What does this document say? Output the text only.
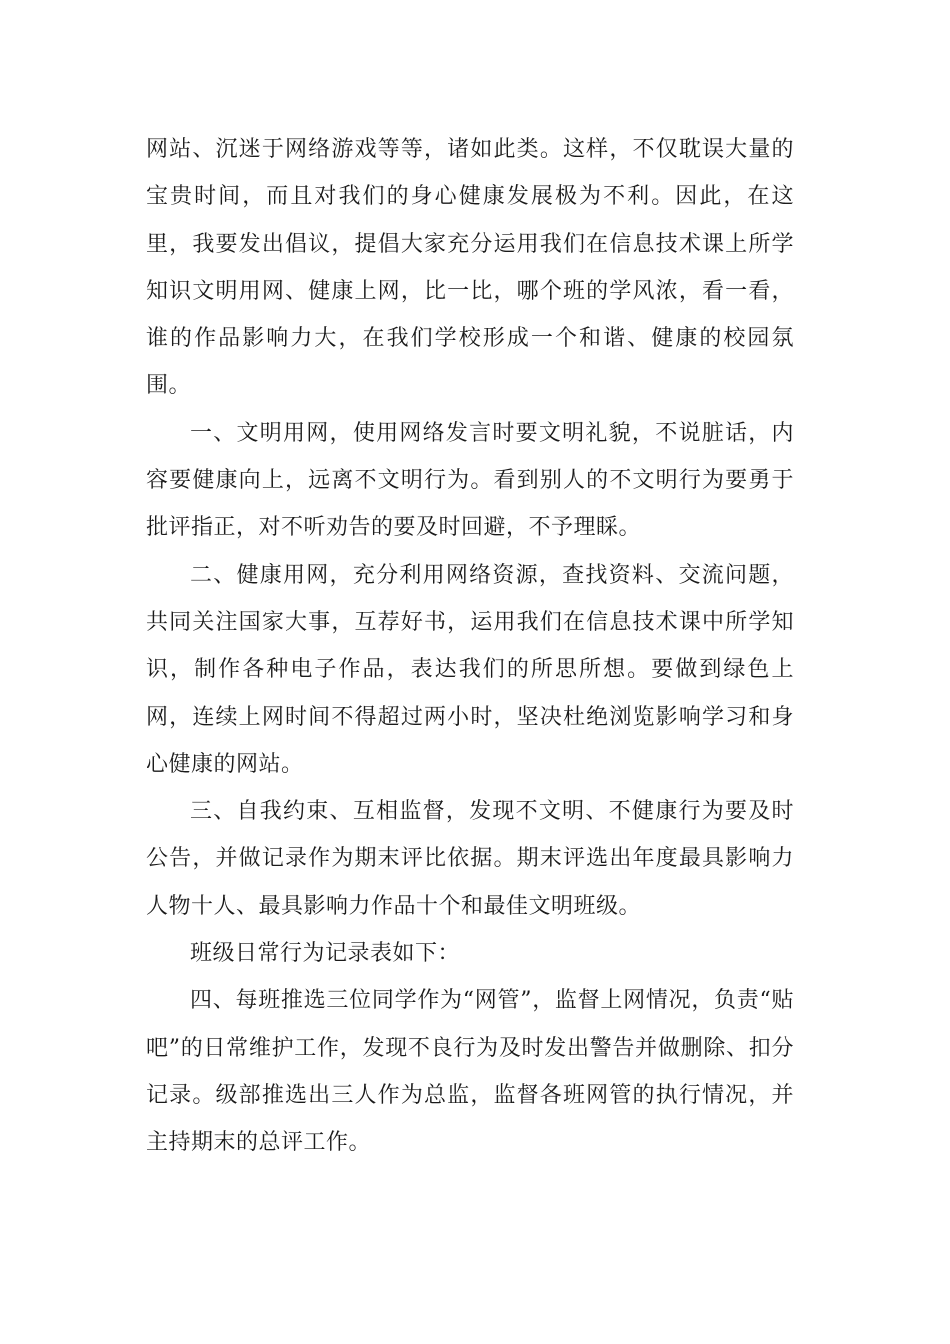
网站、沉迷于网络游戏等等，诸如此类。这样，不仅耽误大量的宝贵时间，而且对我们的身心健康发展极为不利。因此，在这里，我要发出倡议，提倡大家充分运用我们在信息技术课上所学知识文明用网、健康上网，比一比，哪个班的学风浓，看一看，谁的作品影响力大，在我们学校形成一个和谐、健康的校园氛围。

一、文明用网，使用网络发言时要文明礼貌，不说脏话，内容要健康向上，远离不文明行为。看到别人的不文明行为要勇于批评指正，对不听劝告的要及时回避，不予理睬。

二、健康用网，充分利用网络资源，查找资料、交流问题，共同关注国家大事，互荐好书，运用我们在信息技术课中所学知识，制作各种电子作品，表达我们的所思所想。要做到绿色上网，连续上网时间不得超过两小时，坚决杜绝浏览影响学习和身心健康的网站。

三、自我约束、互相监督，发现不文明、不健康行为要及时公告，并做记录作为期末评比依据。期末评选出年度最具影响力人物十人、最具影响力作品十个和最佳文明班级。

班级日常行为记录表如下：

四、每班推选三位同学作为“网管”，监督上网情况，负责“贴吧”的日常维护工作，发现不良行为及时发出警告并做删除、扣分记录。级部推选出三人作为总监，监督各班网管的执行情况，并主持期末的总评工作。
